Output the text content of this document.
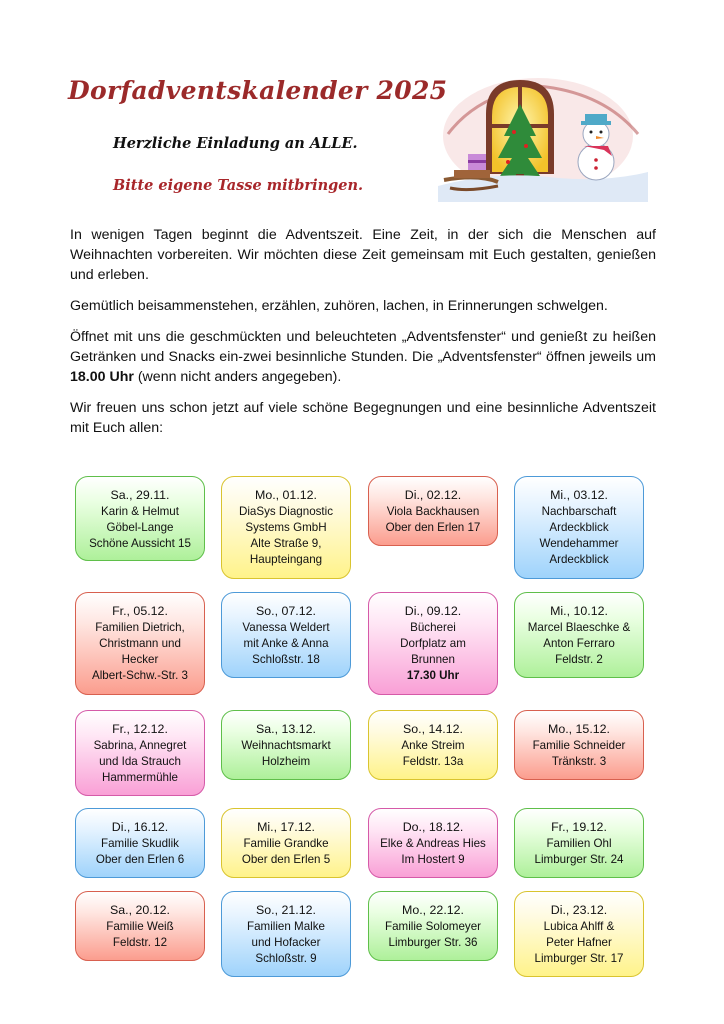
Dorfadventskalender 2025
Herzliche Einladung an ALLE.
Bitte eigene Tasse mitbringen.

In wenigen Tagen beginnt die Adventszeit. Eine Zeit, in der sich die Menschen auf Weihnachten vorbereiten. Wir möchten diese Zeit gemeinsam mit Euch gestalten, genießen und erleben.

Gemütlich beisammenstehen, erzählen, zuhören, lachen, in Erinnerungen schwelgen.

Öffnet mit uns die geschmückten und beleuchteten „Adventsfenster“ und genießt zu heißen Getränken und Snacks ein-zwei besinnliche Stunden. Die „Adventsfenster“ öffnen jeweils um 18.00 Uhr (wenn nicht anders angegeben).

Wir freuen uns schon jetzt auf viele schöne Begegnungen und eine besinnliche Adventszeit mit Euch allen:

Sa., 29.11.
Karin & Helmut
Göbel-Lange
Schöne Aussicht 15
Mo., 01.12.
DiaSys Diagnostic
Systems GmbH
Alte Straße 9,
Haupteingang
Di., 02.12.
Viola Backhausen
Ober den Erlen 17
Mi., 03.12.
Nachbarschaft
Ardeckblick
Wendehammer
Ardeckblick
Fr., 05.12.
Familien Dietrich,
Christmann und
Hecker
Albert-Schw.-Str. 3
So., 07.12.
Vanessa Weldert
mit Anke & Anna
Schloßstr. 18
Di., 09.12.
Bücherei
Dorfplatz am
Brunnen
17.30 Uhr
Mi., 10.12.
Marcel Blaeschke &
Anton Ferraro
Feldstr. 2
Fr., 12.12.
Sabrina, Annegret
und Ida Strauch
Hammermühle
Sa., 13.12.
Weihnachtsmarkt
Holzheim
So., 14.12.
Anke Streim
Feldstr. 13a
Mo., 15.12.
Familie Schneider
Tränkstr. 3
Di., 16.12.
Familie Skudlik
Ober den Erlen 6
Mi., 17.12.
Familie Grandke
Ober den Erlen 5
Do., 18.12.
Elke & Andreas Hies
Im Hostert 9
Fr., 19.12.
Familien Ohl
Limburger Str. 24
Sa., 20.12.
Familie Weiß
Feldstr. 12
So., 21.12.
Familien Malke
und Hofacker
Schloßstr. 9
Mo., 22.12.
Familie Solomeyer
Limburger Str. 36
Di., 23.12.
Lubica Ahlff &
Peter Hafner
Limburger Str. 17
